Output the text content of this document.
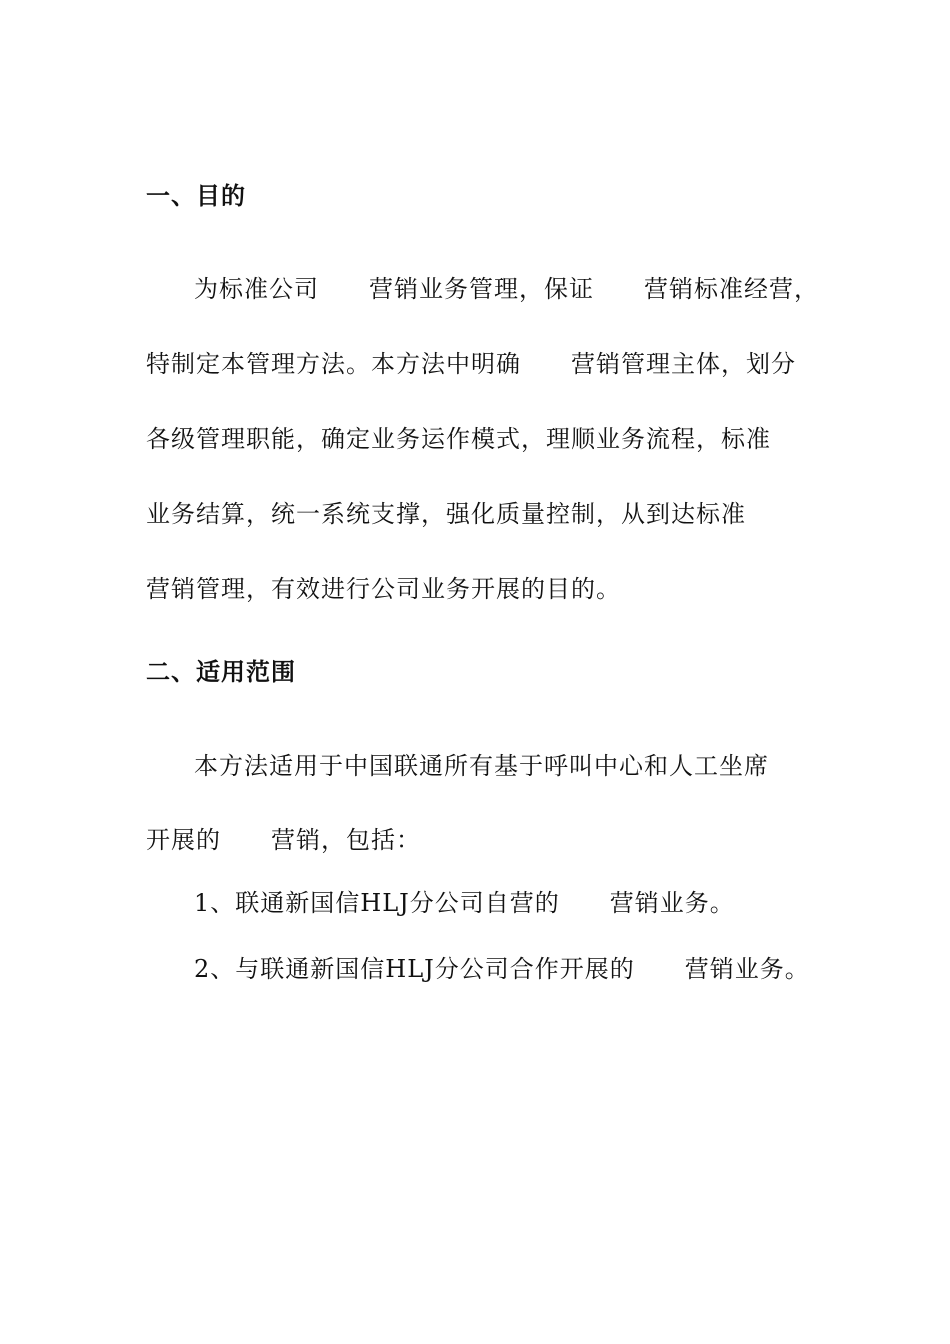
一、目的
为标准公司　　营销业务管理，保证　　营销标准经营，
特制定本管理方法。本方法中明确　　营销管理主体，划分
各级管理职能，确定业务运作模式，理顺业务流程，标准
业务结算，统一系统支撑，强化质量控制，从到达标准
营销管理，有效进行公司业务开展的目的。
二、适用范围
本方法适用于中国联通所有基于呼叫中心和人工坐席
开展的　　营销，包括：
1、联通新国信HLJ分公司自营的　　营销业务。
2、与联通新国信HLJ分公司合作开展的　　营销业务。
